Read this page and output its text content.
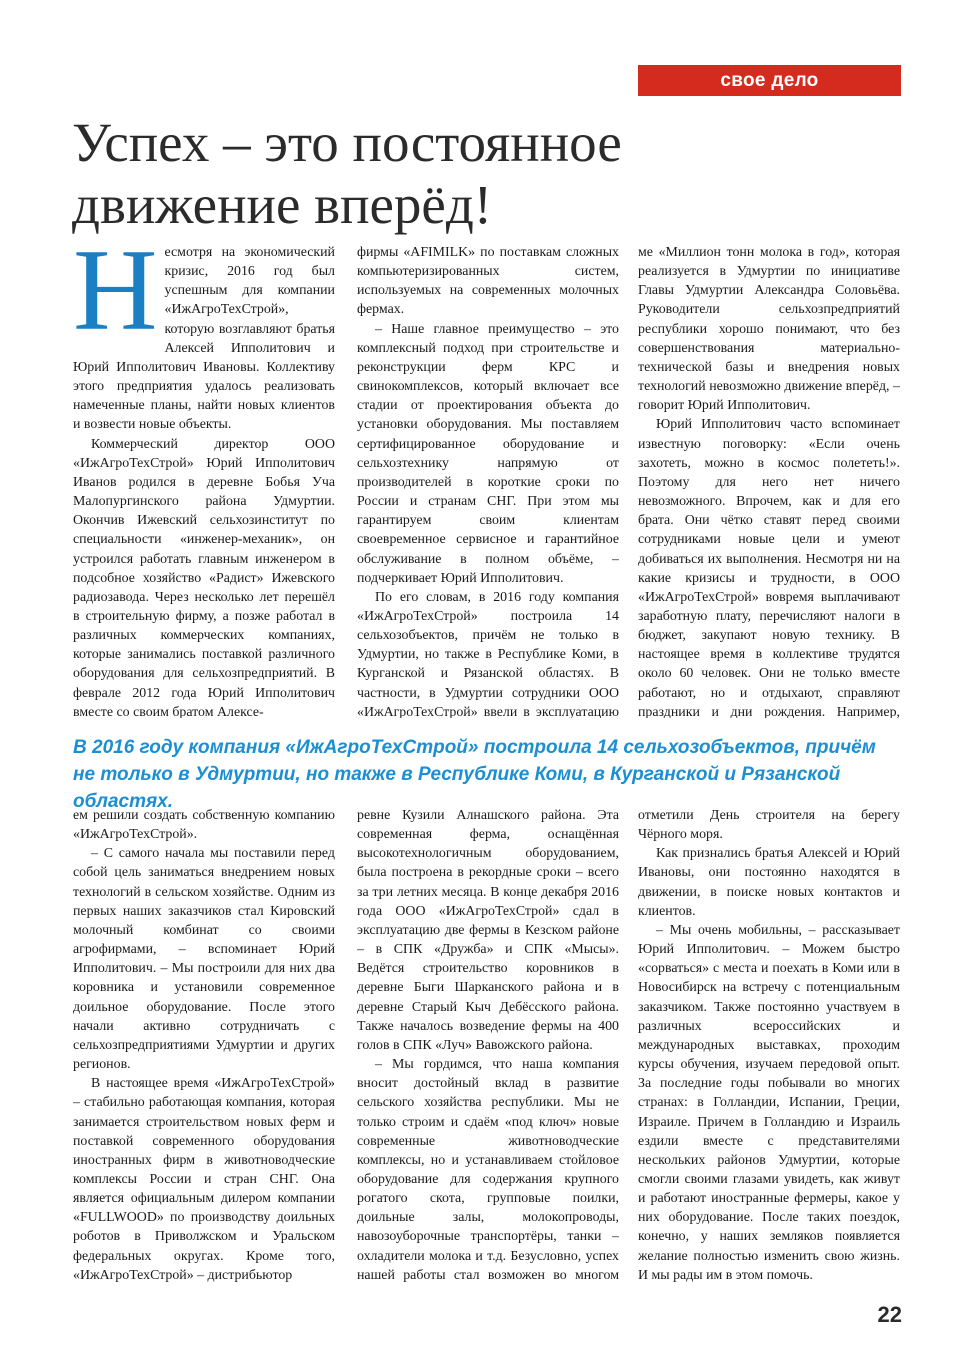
свое дело
Успех – это постоянное
движение вперёд!
Н есмотря на экономический кризис, 2016 год был успешным для компании «ИжАгроТехСтрой», которую возглавляют братья Алексей Ипполитович и Юрий Ипполитович Ивановы. Коллективу этого предприятия удалось реализовать намеченные планы, найти новых клиентов и возвести новые объекты.

Коммерческий директор ООО «ИжАгроТехСтрой» Юрий Ипполитович Иванов родился в деревне Бобья Уча Малопургинского района Удмуртии. Окончив Ижевский сельхозинститут по специальности «инженер-механик», он устроился работать главным инженером в подсобное хозяйство «Радист» Ижевского радиозавода. Через несколько лет перешёл в строительную фирму, а позже работал в различных коммерческих компаниях, которые занимались поставкой различного оборудования для сельхозпредприятий. В феврале 2012 года Юрий Ипполитович вместе со своим братом Алексе-

фирмы «AFIMILK» по поставкам сложных компьютеризированных систем, используемых на современных молочных фермах.

– Наше главное преимущество – это комплексный подход при строительстве и реконструкции ферм КРС и свинокомплексов, который включает все стадии от проектирования объекта до установки оборудования. Мы поставляем сертифицированное оборудование и сельхозтехнику напрямую от производителей в короткие сроки по России и странам СНГ. При этом мы гарантируем своим клиентам своевременное сервисное и гарантийное обслуживание в полном объёме, – подчеркивает Юрий Ипполитович.

По его словам, в 2016 году компания «ИжАгроТехСтрой» построила 14 сельхозобъектов, причём не только в Удмуртии, но также в Республике Коми, в Курганской и Рязанской областях. В частности, в Удмуртии сотрудники ООО «ИжАгроТехСтрой» ввели в эксплуатацию

ме «Миллион тонн молока в год», которая реализуется в Удмуртии по инициативе Главы Удмуртии Александра Соловьёва. Руководители сельхозпредприятий республики хорошо понимают, что без совершенствования материально-технической базы и внедрения новых технологий невозможно движение вперёд, – говорит Юрий Ипполитович.

Юрий Ипполитович часто вспоминает известную поговорку: «Если очень захотеть, можно в космос полететь!». Поэтому для него нет ничего невозможного. Впрочем, как и для его брата. Они чётко ставят перед своими сотрудниками новые цели и умеют добиваться их выполнения. Несмотря ни на какие кризисы и трудности, в ООО «ИжАгроТехСтрой» вовремя выплачивают заработную плату, перечисляют налоги в бюджет, закупают новую технику. В настоящее время в коллективе трудятся около 60 человек. Они не только вместе работают, но и отдыхают, справляют праздники и дни рождения. Например,

В 2016 году компания «ИжАгроТехСтрой» построила 14 сельхозобъектов, причём не только в Удмуртии, но также в Республике Коми, в Курганской и Рязанской областях.

ем решили создать собственную компанию «ИжАгроТехСтрой».

– С самого начала мы поставили перед собой цель заниматься внедрением новых технологий в сельском хозяйстве. Одним из первых наших заказчиков стал Кировский молочный комбинат со своими агрофирмами, – вспоминает Юрий Ипполитович. – Мы построили для них два коровника и установили современное доильное оборудование. После этого начали активно сотрудничать с сельхозпредприятиями Удмуртии и других регионов.

В настоящее время «ИжАгроТехСтрой» – стабильно работающая компания, которая занимается строительством новых ферм и поставкой современного оборудования иностранных фирм в животноводческие комплексы России и стран СНГ. Она является официальным дилером компании «FULLWOOD» по производству доильных роботов в Приволжском и Уральском федеральных округах. Кроме того, «ИжАгроТехСтрой» – дистрибьютор

ревне Кузили Алнашского района. Эта современная ферма, оснащённая высокотехнологичным оборудованием, была построена в рекордные сроки – всего за три летних месяца. В конце декабря 2016 года ООО «ИжАгроТехСтрой» сдал в эксплуатацию две фермы в Кезском районе – в СПК «Дружба» и СПК «Мысы». Ведётся строительство коровников в деревне Быги Шарканского района и в деревне Старый Кыч Дебёсского района. Также началось возведение фермы на 400 голов в СПК «Луч» Вавожского района.

– Мы гордимся, что наша компания вносит достойный вклад в развитие сельского хозяйства республики. Мы не только строим и сдаём «под ключ» новые современные животноводческие комплексы, но и устанавливаем стойловое оборудование для содержания крупного рогатого скота, групповые поилки, доильные залы, молокопроводы, навозоуборочные транспортёры, танки – охладители молока и т.д. Безусловно, успех нашей работы стал возможен во многом

отметили День строителя на берегу Чёрного моря.

Как признались братья Алексей и Юрий Ивановы, они постоянно находятся в движении, в поиске новых контактов и клиентов.

– Мы очень мобильны, – рассказывает Юрий Ипполитович. – Можем быстро «сорваться» с места и поехать в Коми или в Новосибирск на встречу с потенциальным заказчиком. Также постоянно участвуем в различных всероссийских и международных выставках, проходим курсы обучения, изучаем передовой опыт. За последние годы побывали во многих странах: в Голландии, Испании, Греции, Израиле. Причем в Голландию и Израиль ездили вместе с представителями нескольких районов Удмуртии, которые смогли своими глазами увидеть, как живут и работают иностранные фермеры, какое у них оборудование. После таких поездок, конечно, у наших земляков появляется желание полностью изменить свою жизнь. И мы рады им в этом помочь.

22
